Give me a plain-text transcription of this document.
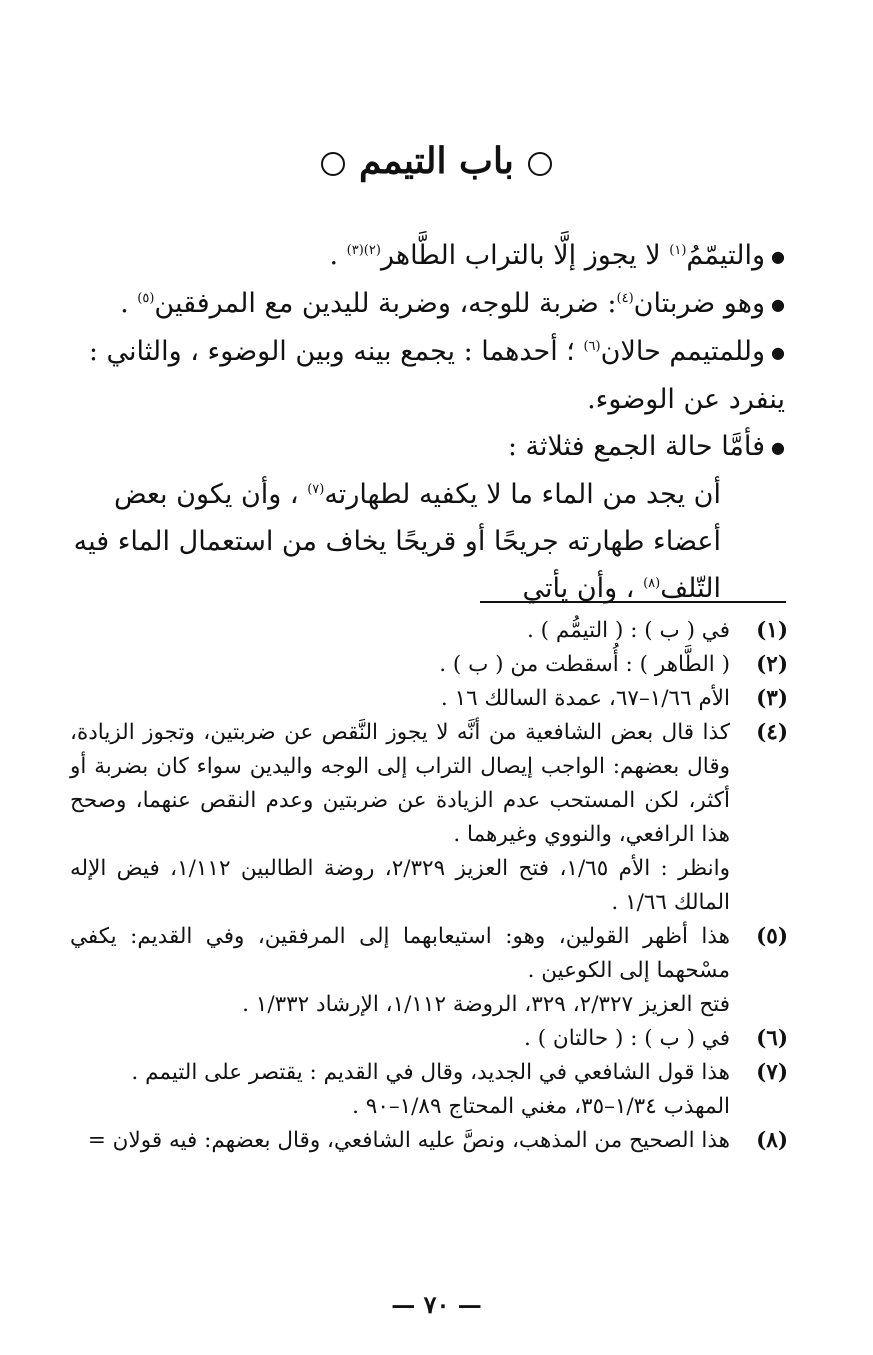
باب التيمم

●والتيمّمُ$^{(١)}$ لا يجوز إلَّا بالتراب الطَّاهر$^{(٢)(٣)}$ .

●وهو ضربتان$^{(٤)}$: ضربة للوجه، وضربة لليدين مع المرفقين$^{(٥)}$ .

●وللمتيمم حالان$^{(٦)}$ ؛ أحدهما : يجمع بينه وبين الوضوء ، والثاني : ينفرد عن الوضوء.

●فأمَّا حالة الجمع فثلاثة :

أن يجد من الماء ما لا يكفيه لطهارته$^{(٧)}$ ، وأن يكون بعض أعضاء طهارته جريحًا أو قريحًا يخاف من استعمال الماء فيه التّلف$^{(٨)}$ ، وأن يأتي

(١)

في ( ب ) : ( التيمُّم ) .

(٢)

( الطَّاهر ) : أُسقطت من ( ب ) .

(٣)

الأم ١/٦٦–٦٧، عمدة السالك ١٦ .

(٤)

كذا قال بعض الشافعية من أنَّه لا يجوز النَّقص عن ضربتين، وتجوز الزيادة، وقال بعضهم: الواجب إيصال التراب إلى الوجه واليدين سواء كان بضربة أو أكثر، لكن المستحب عدم الزيادة عن ضربتين وعدم النقص عنهما، وصحح هذا الرافعي، والنووي وغيرهما .

وانظر : الأم ١/٦٥، فتح العزيز ٢/٣٢٩، روضة الطالبين ١/١١٢، فيض الإله المالك ١/٦٦ .

(٥)

هذا أظهر القولين، وهو: استيعابهما إلى المرفقين، وفي القديم: يكفي مسْحهما إلى الكوعين .

فتح العزيز ٢/٣٢٧، ٣٢٩، الروضة ١/١١٢، الإرشاد ١/٣٣٢ .

(٦)

في ( ب ) : ( حالتان ) .

(٧)

هذا قول الشافعي في الجديد، وقال في القديم : يقتصر على التيمم .

المهذب ١/٣٤–٣٥، مغني المحتاج ١/٨٩–٩٠ .

(٨)

هذا الصحيح من المذهب، ونصَّ عليه الشافعي، وقال بعضهم: فيه قولان =

— ٧٠ —
